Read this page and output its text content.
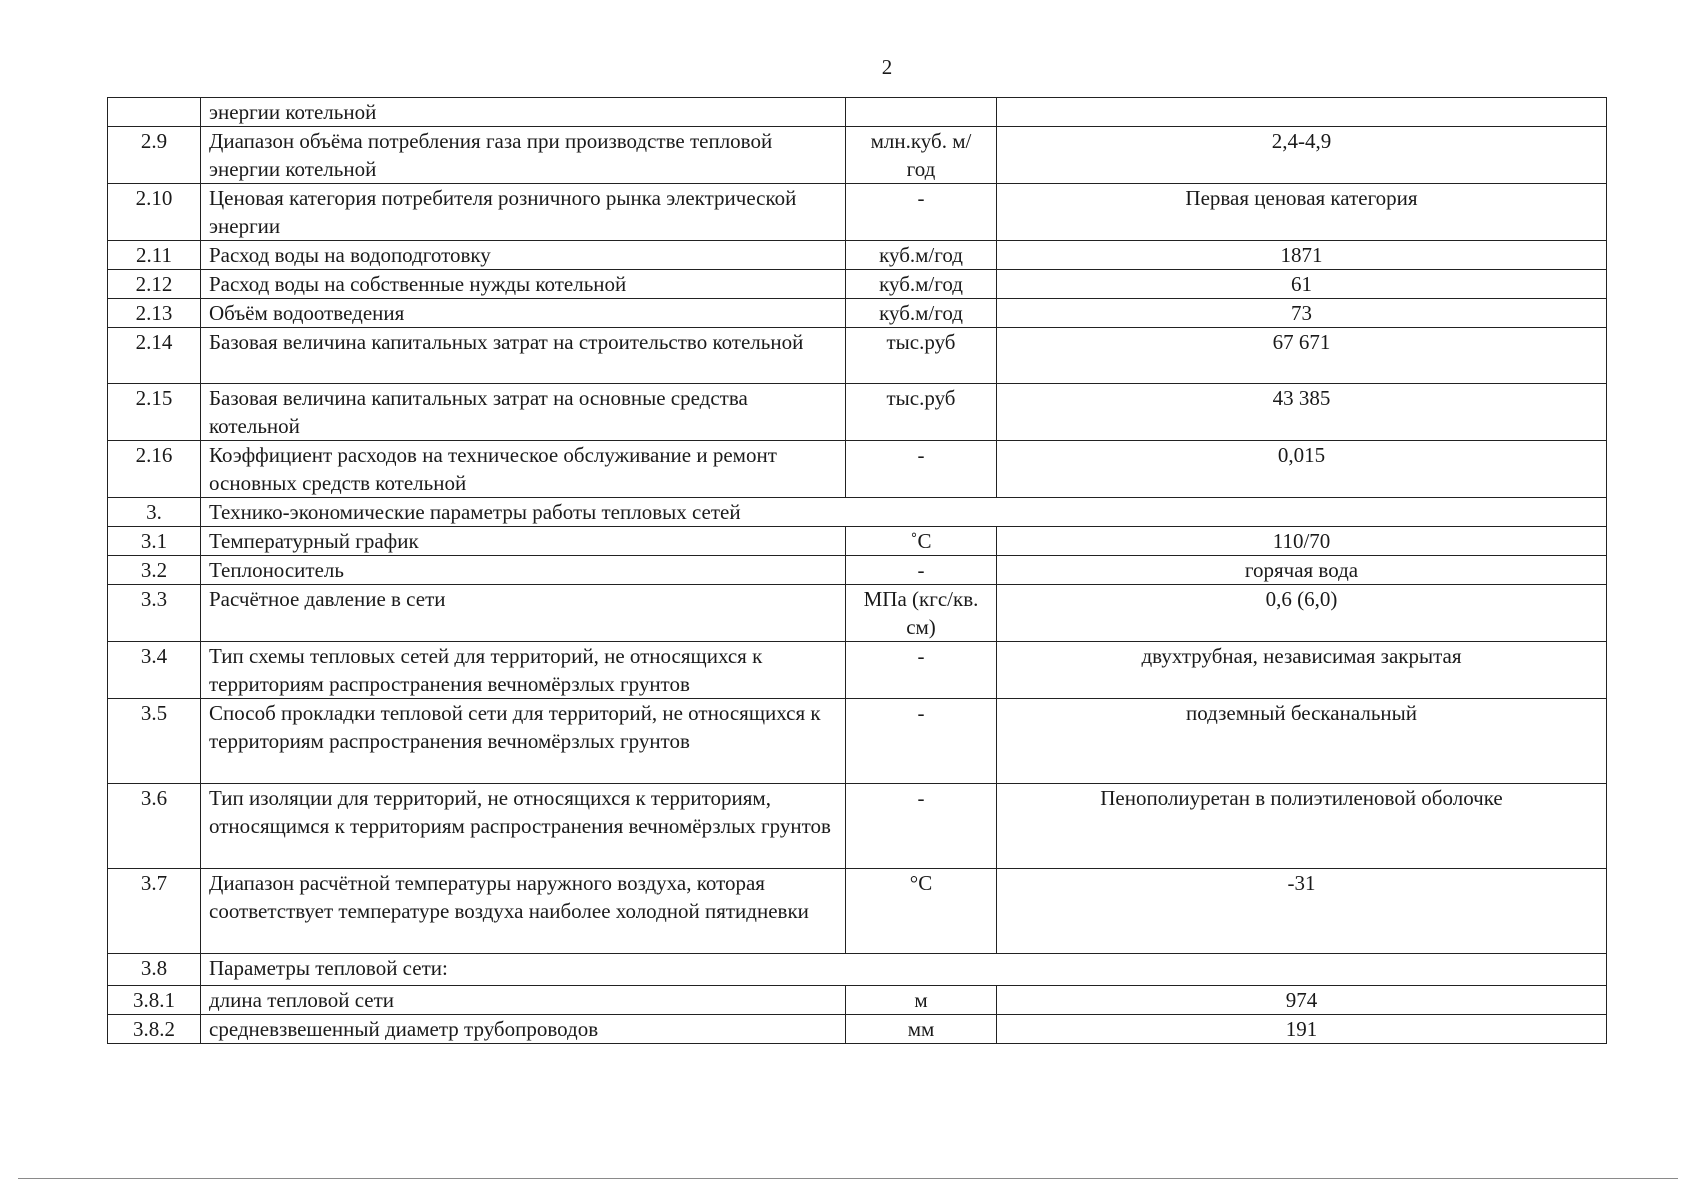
2
	энергии котельной		
2.9	Диапазон объёма потребления газа при производстве тепловой энергии котельной	млн.куб. м/ год	2,4-4,9
2.10	Ценовая категория потребителя розничного рынка электрической энергии	-	Первая ценовая категория
2.11	Расход воды на водоподготовку	куб.м/год	1871
2.12	Расход воды на собственные нужды котельной	куб.м/год	61
2.13	Объём водоотведения	куб.м/год	73
2.14	Базовая величина капитальных затрат на строительство котельной	тыс.руб	67 671
2.15	Базовая величина капитальных затрат на основные средства котельной	тыс.руб	43 385
2.16	Коэффициент расходов на техническое обслуживание и ремонт основных средств котельной	-	0,015
3.	Технико-экономические параметры работы тепловых сетей		
3.1	Температурный график	˚С	110/70
3.2	Теплоноситель	-	горячая вода
3.3	Расчётное давление в сети	МПа (кгс/кв. см)	0,6 (6,0)
3.4	Тип схемы тепловых сетей для территорий, не относящихся к территориям распространения вечномёрзлых грунтов	-	двухтрубная, независимая закрытая
3.5	Способ прокладки тепловой сети для территорий, не относящихся к территориям распространения вечномёрзлых грунтов	-	подземный бесканальный
3.6	Тип изоляции для территорий, не относящихся к территориям, относящимся к территориям распространения вечномёрзлых грунтов	-	Пенополиуретан в полиэтиленовой оболочке
3.7	Диапазон расчётной температуры наружного воздуха, которая соответствует температуре воздуха наиболее холодной пятидневки	°С	-31
3.8	Параметры тепловой сети:		
3.8.1	длина тепловой сети	м	974
3.8.2	средневзвешенный диаметр трубопроводов	мм	191
